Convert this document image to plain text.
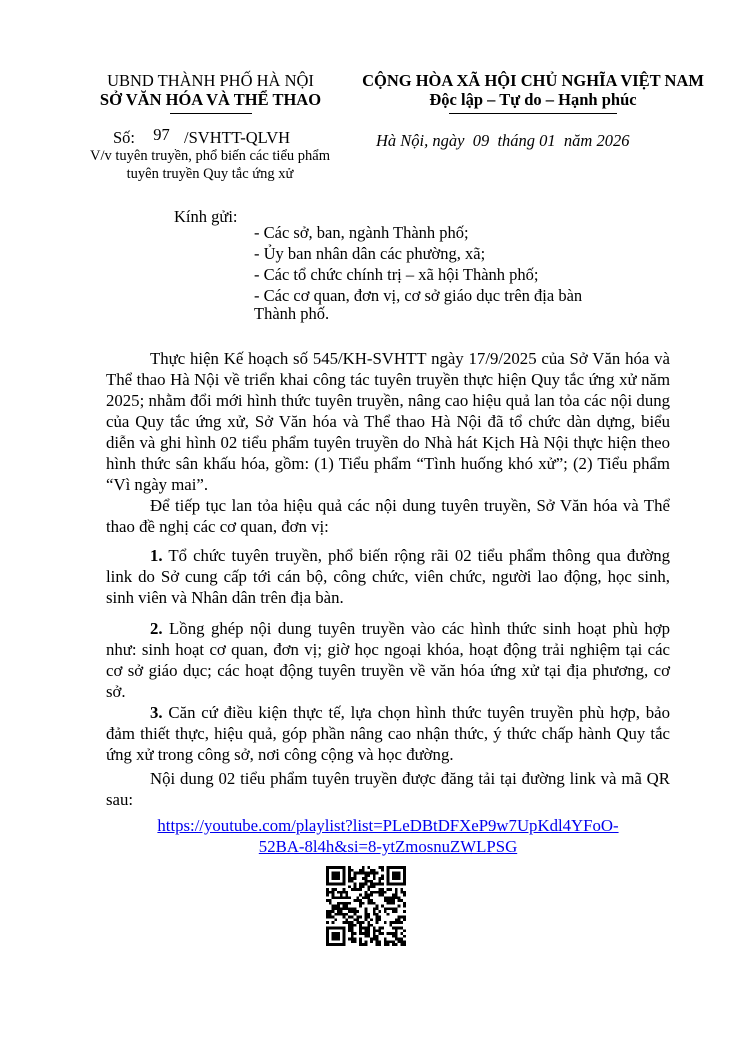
UBND THÀNH PHỐ HÀ NỘI
SỞ VĂN HÓA VÀ THỂ THAO
Số: 97 /SVHTT-QLVH
V/v tuyên truyền, phổ biến các tiểu phẩm
tuyên truyền Quy tắc ứng xử
CỘNG HÒA XÃ HỘI CHỦ NGHĨA VIỆT NAM
Độc lập – Tự do – Hạnh phúc
Hà Nội, ngày  09  tháng 01  năm 2026
Kính gửi:
- Các sở, ban, ngành Thành phố;
- Ủy ban nhân dân các phường, xã;
- Các tổ chức chính trị – xã hội Thành phố;
- Các cơ quan, đơn vị, cơ sở giáo dục trên địa bàn
Thành phố.

Thực hiện Kế hoạch số 545/KH-SVHTT ngày 17/9/2025 của Sở Văn hóa và Thể thao Hà Nội về triển khai công tác tuyên truyền thực hiện Quy tắc ứng xử năm 2025; nhằm đổi mới hình thức tuyên truyền, nâng cao hiệu quả lan tỏa các nội dung của Quy tắc ứng xử, Sở Văn hóa và Thể thao Hà Nội đã tổ chức dàn dựng, biểu diễn và ghi hình 02 tiểu phẩm tuyên truyền do Nhà hát Kịch Hà Nội thực hiện theo hình thức sân khấu hóa, gồm: (1) Tiểu phẩm “Tình huống khó xử”; (2) Tiểu phẩm “Vì ngày mai”.

Để tiếp tục lan tỏa hiệu quả các nội dung tuyên truyền, Sở Văn hóa và Thể thao đề nghị các cơ quan, đơn vị:

1. Tổ chức tuyên truyền, phổ biến rộng rãi 02 tiểu phẩm thông qua đường link do Sở cung cấp tới cán bộ, công chức, viên chức, người lao động, học sinh, sinh viên và Nhân dân trên địa bàn.

2. Lồng ghép nội dung tuyên truyền vào các hình thức sinh hoạt phù hợp như: sinh hoạt cơ quan, đơn vị; giờ học ngoại khóa, hoạt động trải nghiệm tại các cơ sở giáo dục; các hoạt động tuyên truyền về văn hóa ứng xử tại địa phương, cơ sở.

3. Căn cứ điều kiện thực tế, lựa chọn hình thức tuyên truyền phù hợp, bảo đảm thiết thực, hiệu quả, góp phần nâng cao nhận thức, ý thức chấp hành Quy tắc ứng xử trong công sở, nơi công cộng và học đường.

Nội dung 02 tiểu phẩm tuyên truyền được đăng tải tại đường link và mã QR sau:

https://youtube.com/playlist?list=PLeDBtDFXeP9w7UpKdl4YFoO-
52BA-8l4h&si=8-ytZmosnuZWLPSG
